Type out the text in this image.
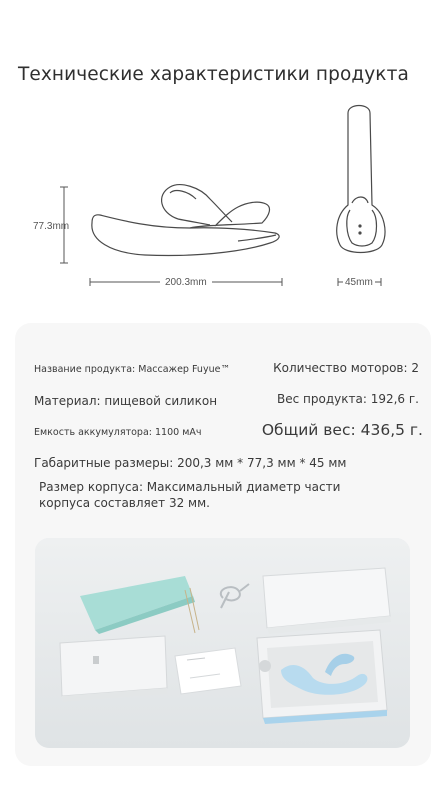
Технические характеристики продукта
77.3mm
200.3mm	45mm
Название продукта: Массажер Fuyue™	Количество моторов: 2
Материал: пищевой силикон	Вес продукта: 192,6 г.
Емкость аккумулятора: 1100 мАч	Общий вес: 436,5 г.
Габаритные размеры: 200,3 мм * 77,3 мм * 45 мм
Размер корпуса: Максимальный диаметр части корпуса составляет 32 мм.
